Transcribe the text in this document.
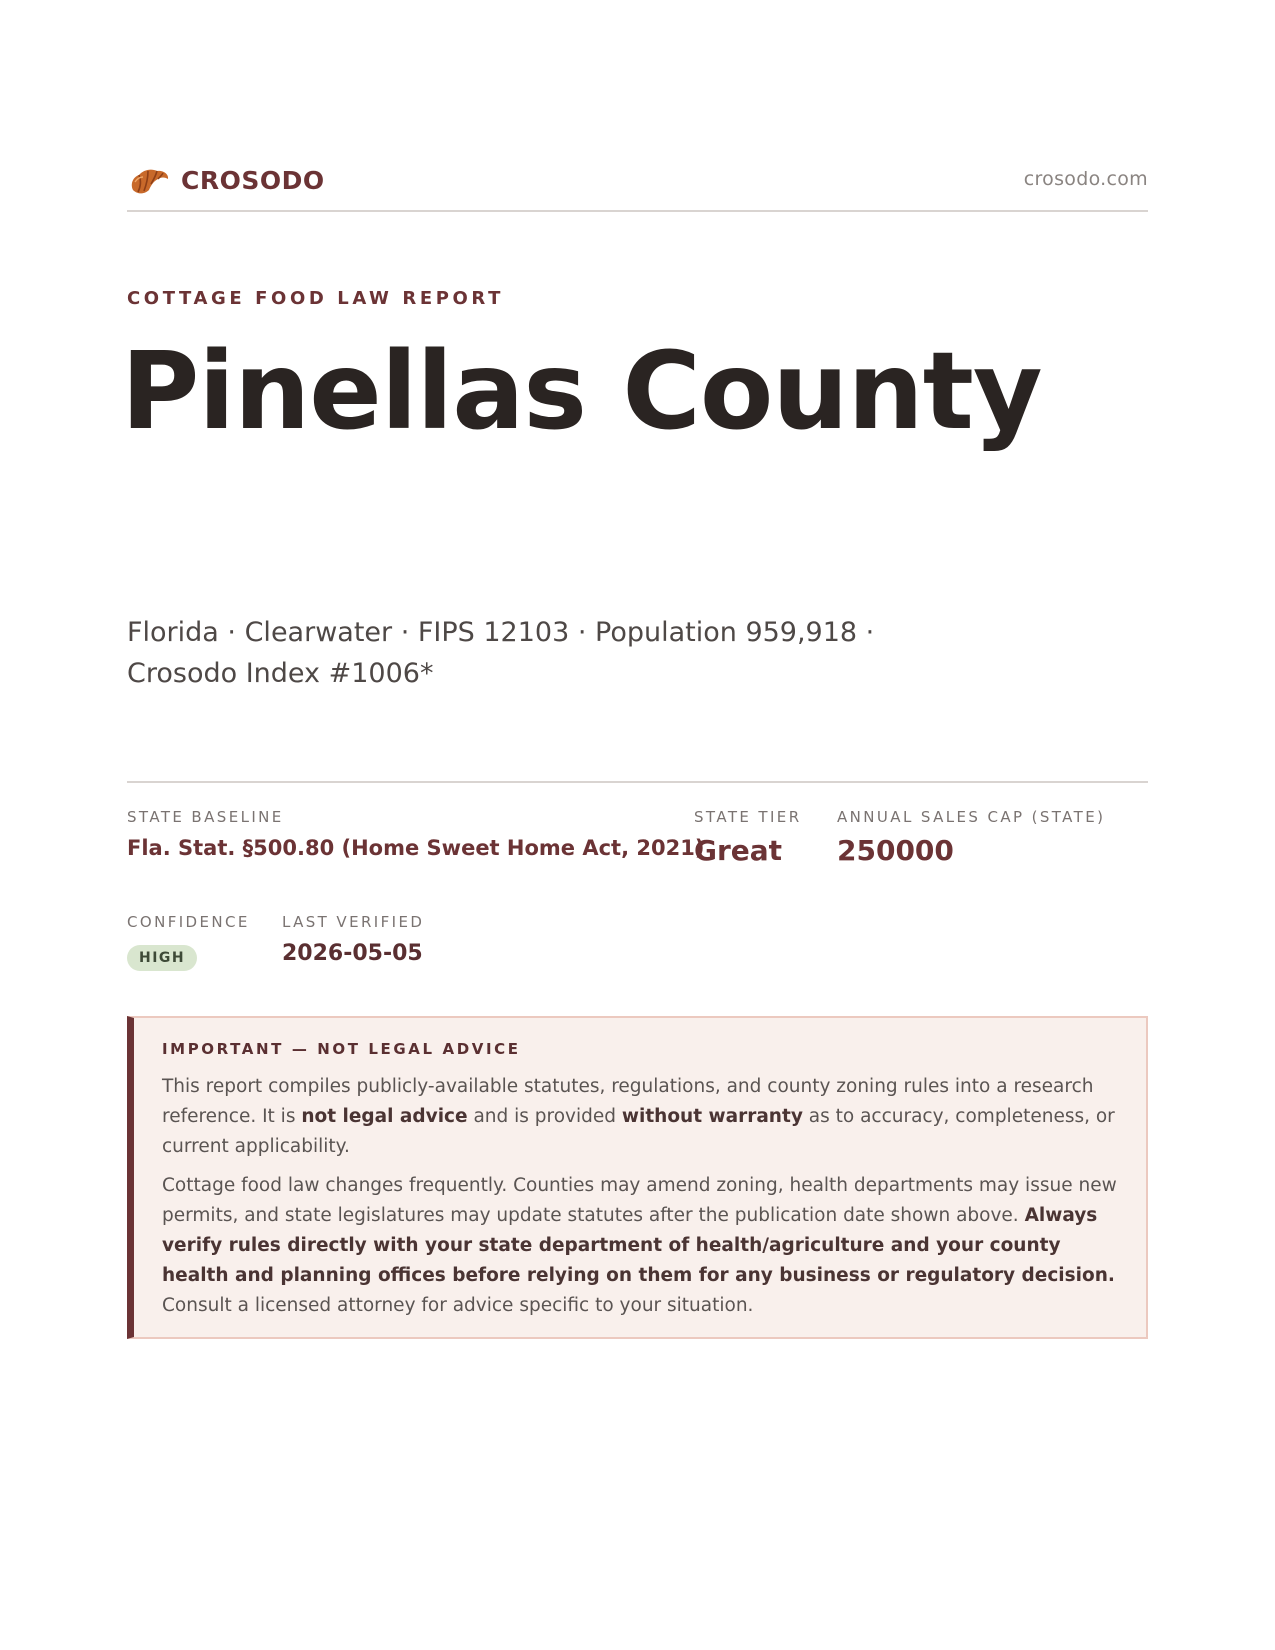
CROSODO	crosodo.com
COTTAGE FOOD LAW REPORT
Pinellas County
Florida · Clearwater · FIPS 12103 · Population 959,918 ·
Crosodo Index #1006*
STATE BASELINE
Fla. Stat. §500.80 (Home Sweet Home Act, 2021)
STATE TIER
Great
ANNUAL SALES CAP (STATE)
250000
CONFIDENCE
HIGH
LAST VERIFIED
2026-05-05
IMPORTANT — NOT LEGAL ADVICE

This report compiles publicly-available statutes, regulations, and county zoning rules into a research reference. It is not legal advice and is provided without warranty as to accuracy, completeness, or current applicability.

Cottage food law changes frequently. Counties may amend zoning, health departments may issue new permits, and state legislatures may update statutes after the publication date shown above. Always verify rules directly with your state department of health/agriculture and your county health and planning offices before relying on them for any business or regulatory decision. Consult a licensed attorney for advice specific to your situation.
